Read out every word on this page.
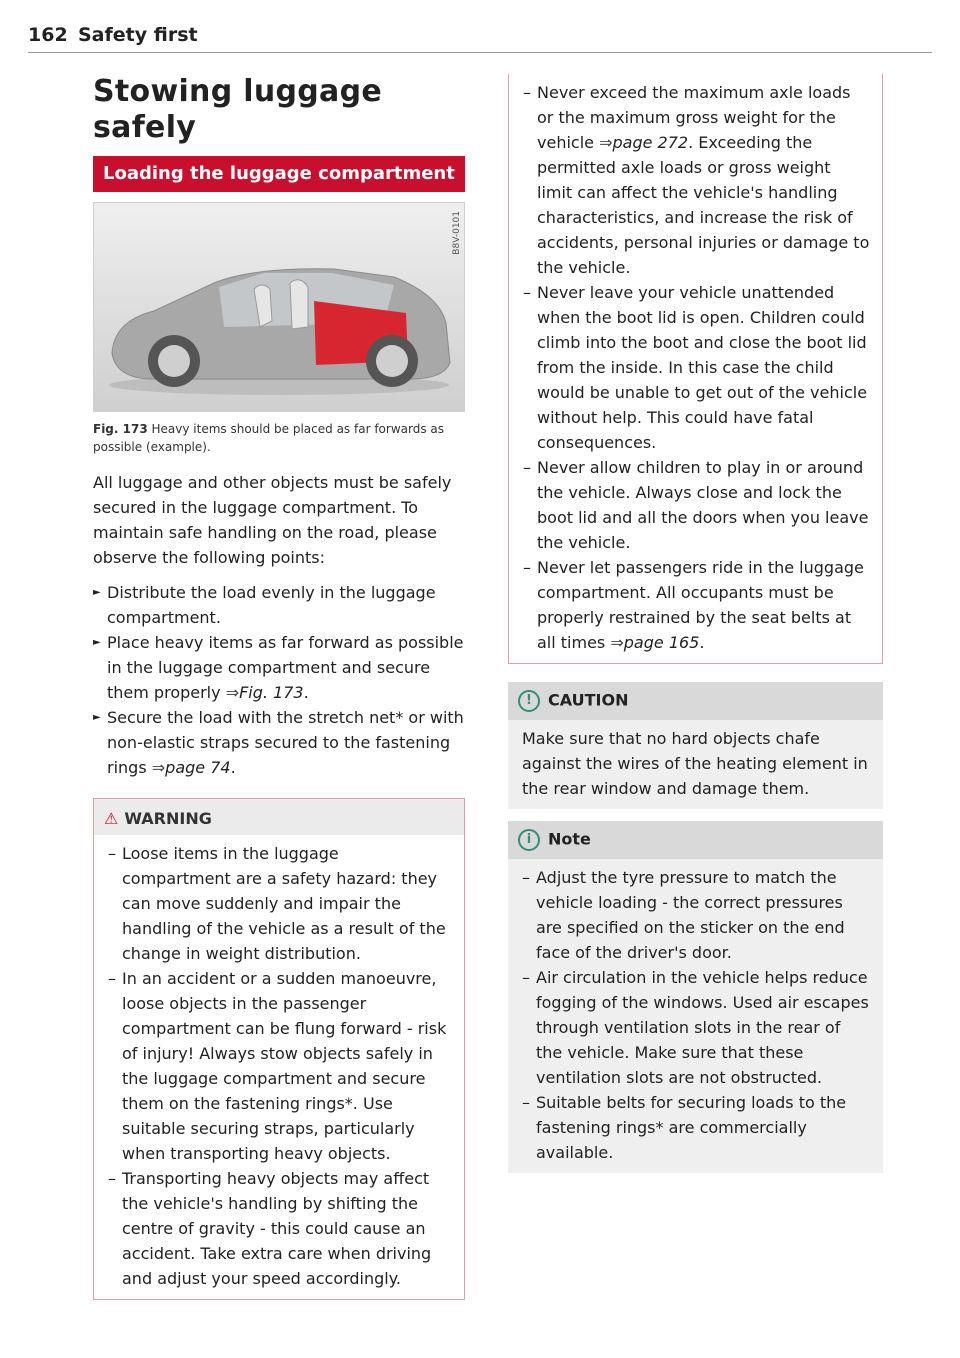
162 Safety first
Stowing luggage safely
Loading the luggage compartment
B8V-0101
Fig. 173 Heavy items should be placed as far forwards as possible (example).

All luggage and other objects must be safely secured in the luggage compartment. To maintain safe handling on the road, please observe the following points:

► Distribute the load evenly in the luggage compartment.
► Place heavy items as far forward as possible in the luggage compartment and secure them properly ⇒Fig. 173.
► Secure the load with the stretch net* or with non-elastic straps secured to the fastening rings ⇒page 74.
⚠ WARNING
– Loose items in the luggage compartment are a safety hazard: they can move suddenly and impair the handling of the vehicle as a result of the change in weight distribution.
– In an accident or a sudden manoeuvre, loose objects in the passenger compartment can be flung forward - risk of injury! Always stow objects safely in the luggage compartment and secure them on the fastening rings*. Use suitable securing straps, particularly when transporting heavy objects.
– Transporting heavy objects may affect the vehicle's handling by shifting the centre of gravity - this could cause an accident. Take extra care when driving and adjust your speed accordingly.
– Never exceed the maximum axle loads or the maximum gross weight for the vehicle ⇒page 272. Exceeding the permitted axle loads or gross weight limit can affect the vehicle's handling characteristics, and increase the risk of accidents, personal injuries or damage to the vehicle.
– Never leave your vehicle unattended when the boot lid is open. Children could climb into the boot and close the boot lid from the inside. In this case the child would be unable to get out of the vehicle without help. This could have fatal consequences.
– Never allow children to play in or around the vehicle. Always close and lock the boot lid and all the doors when you leave the vehicle.
– Never let passengers ride in the luggage compartment. All occupants must be properly restrained by the seat belts at all times ⇒page 165.
! CAUTION
Make sure that no hard objects chafe against the wires of the heating element in the rear window and damage them.
i Note
– Adjust the tyre pressure to match the vehicle loading - the correct pressures are specified on the sticker on the end face of the driver's door.
– Air circulation in the vehicle helps reduce fogging of the windows. Used air escapes through ventilation slots in the rear of the vehicle. Make sure that these ventilation slots are not obstructed.
– Suitable belts for securing loads to the fastening rings* are commercially available.
